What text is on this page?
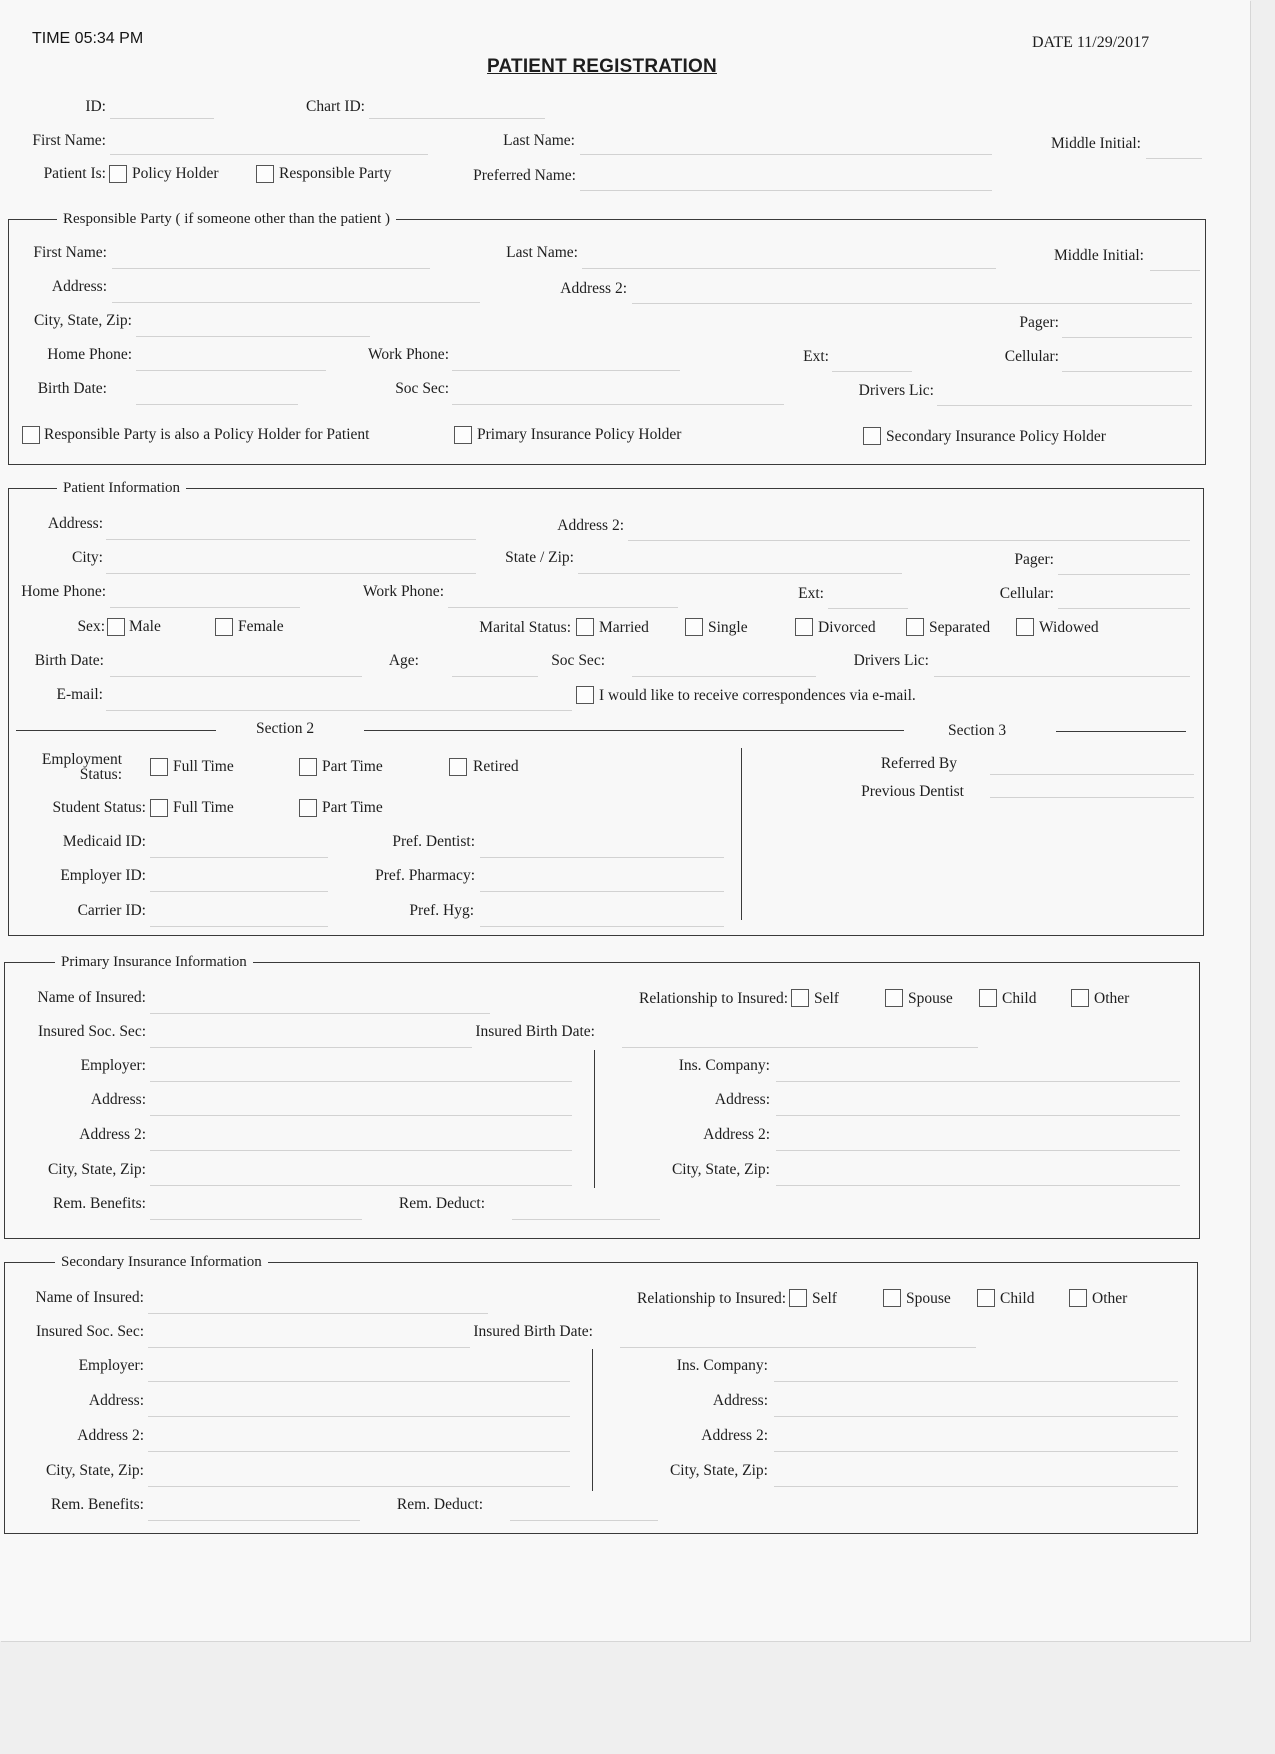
TIME 05:34 PM	DATE 11/29/2017
PATIENT REGISTRATION
ID:	Chart ID:
First Name:	Last Name:	Middle Initial:
Patient Is: Policy Holder	Responsible Party	Preferred Name:
Responsible Party ( if someone other than the patient )
First Name:	Last Name:	Middle Initial:
Address:	Address 2:
City, State, Zip:	Pager:
Home Phone:	Work Phone:	Ext:	Cellular:
Birth Date:	Soc Sec:	Drivers Lic:
Responsible Party is also a Policy Holder for Patient	Primary Insurance Policy Holder	Secondary Insurance Policy Holder
Patient Information
Address:	Address 2:
City:	State / Zip:	Pager:
Home Phone:	Work Phone:	Ext:	Cellular:
Sex: Male	Female	Marital Status: Married	Single	Divorced	Separated	Widowed
Birth Date:	Age:	Soc Sec:	Drivers Lic:
E-mail:	I would like to receive correspondences via e-mail.
Section 2	Section 3
Employment
Status:	Full Time	Part Time	Retired	Referred By
Previous Dentist
Student Status: Full Time	Part Time
Medicaid ID:	Pref. Dentist:
Employer ID:	Pref. Pharmacy:
Carrier ID:	Pref. Hyg:
Primary Insurance Information
Name of Insured:	Relationship to Insured: Self	Spouse	Child	Other
Insured Soc. Sec:	Insured Birth Date:
Employer:	Ins. Company:
Address:	Address:
Address 2:	Address 2:
City, State, Zip:	City, State, Zip:
Rem. Benefits:	Rem. Deduct:
Secondary Insurance Information
Name of Insured:	Relationship to Insured: Self	Spouse	Child	Other
Insured Soc. Sec:	Insured Birth Date:
Employer:	Ins. Company:
Address:	Address:
Address 2:	Address 2:
City, State, Zip:	City, State, Zip:
Rem. Benefits:	Rem. Deduct:
